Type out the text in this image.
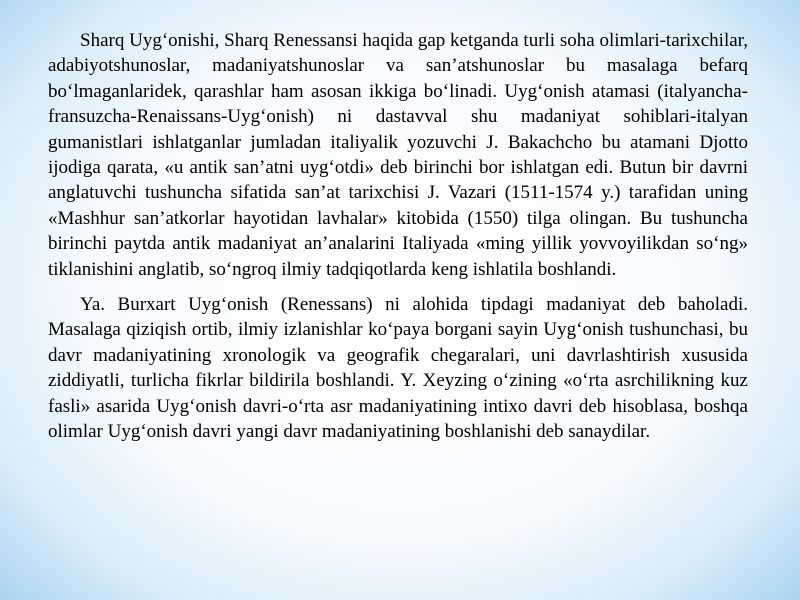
Sharq Uyg‘onishi, Sharq Renessansi haqida gap ketganda turli soha olimlari-tarixchilar, adabiyotshunoslar, madaniyatshunoslar va san’atshunoslar bu masalaga befarq bo‘lmaganlaridek, qarashlar ham asosan ikkiga bo‘linadi. Uyg‘onish atamasi (italyancha-fransuzcha-Renaissans-Uyg‘onish) ni dastavval shu madaniyat sohiblari-italyan gumanistlari ishlatganlar jumladan italiyalik yozuvchi J. Bakachcho bu atamani Djotto ijodiga qarata, «u antik san’atni uyg‘otdi» deb birinchi bor ishlatgan edi. Butun bir davrni anglatuvchi tushuncha sifatida san’at tarixchisi J. Vazari (1511-1574 y.) tarafidan uning «Mashhur san’atkorlar hayotidan lavhalar» kitobida (1550) tilga olingan. Bu tushuncha birinchi paytda antik madaniyat an’analarini Italiyada «ming yillik yovvoyilikdan so‘ng» tiklanishini anglatib, so‘ngroq ilmiy tadqiqotlarda keng ishlatila boshlandi.

Ya. Burxart Uyg‘onish (Renessans) ni alohida tipdagi madaniyat deb baholadi. Masalaga qiziqish ortib, ilmiy izlanishlar ko‘paya borgani sayin Uyg‘onish tushunchasi, bu davr madaniyatining xronologik va geografik chegaralari, uni davrlashtirish xususida ziddiyatli, turlicha fikrlar bildirila boshlandi. Y. Xeyzing o‘zining «o‘rta asrchilikning kuz fasli» asarida Uyg‘onish davri-o‘rta asr madaniyatining intixo davri deb hisoblasa, boshqa olimlar Uyg‘onish davri yangi davr madaniyatining boshlanishi deb sanaydilar.
